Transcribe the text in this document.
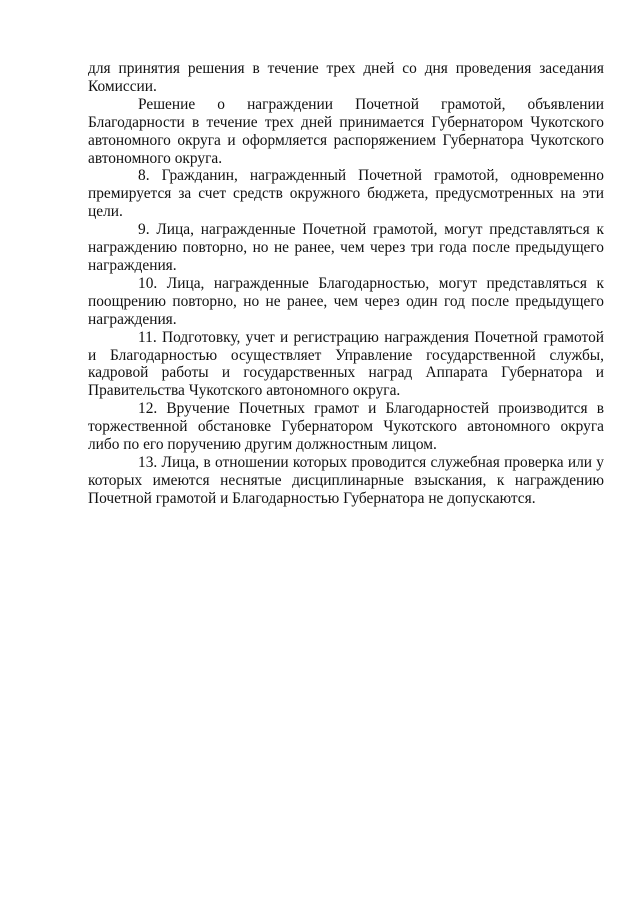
для принятия решения в течение трех дней со дня проведения заседания Комиссии.

Решение о награждении Почетной грамотой, объявлении Благодарности в течение трех дней принимается Губернатором Чукотского автономного округа и оформляется распоряжением Губернатора Чукотского автономного округа.

8. Гражданин, награжденный Почетной грамотой, одновременно премируется за счет средств окружного бюджета, предусмотренных на эти цели.

9. Лица, награжденные Почетной грамотой, могут представляться к награждению повторно, но не ранее, чем через три года после предыдущего награждения.

10. Лица, награжденные Благодарностью, могут представляться к поощрению повторно, но не ранее, чем через один год после предыдущего награждения.

11. Подготовку, учет и регистрацию награждения Почетной грамотой и Благодарностью осуществляет Управление государственной службы, кадровой работы и государственных наград Аппарата Губернатора и Правительства Чукотского автономного округа.

12. Вручение Почетных грамот и Благодарностей производится в торжественной обстановке Губернатором Чукотского автономного округа либо по его поручению другим должностным лицом.

13. Лица, в отношении которых проводится служебная проверка или у которых имеются неснятые дисциплинарные взыскания, к награждению Почетной грамотой и Благодарностью Губернатора не допускаются.
